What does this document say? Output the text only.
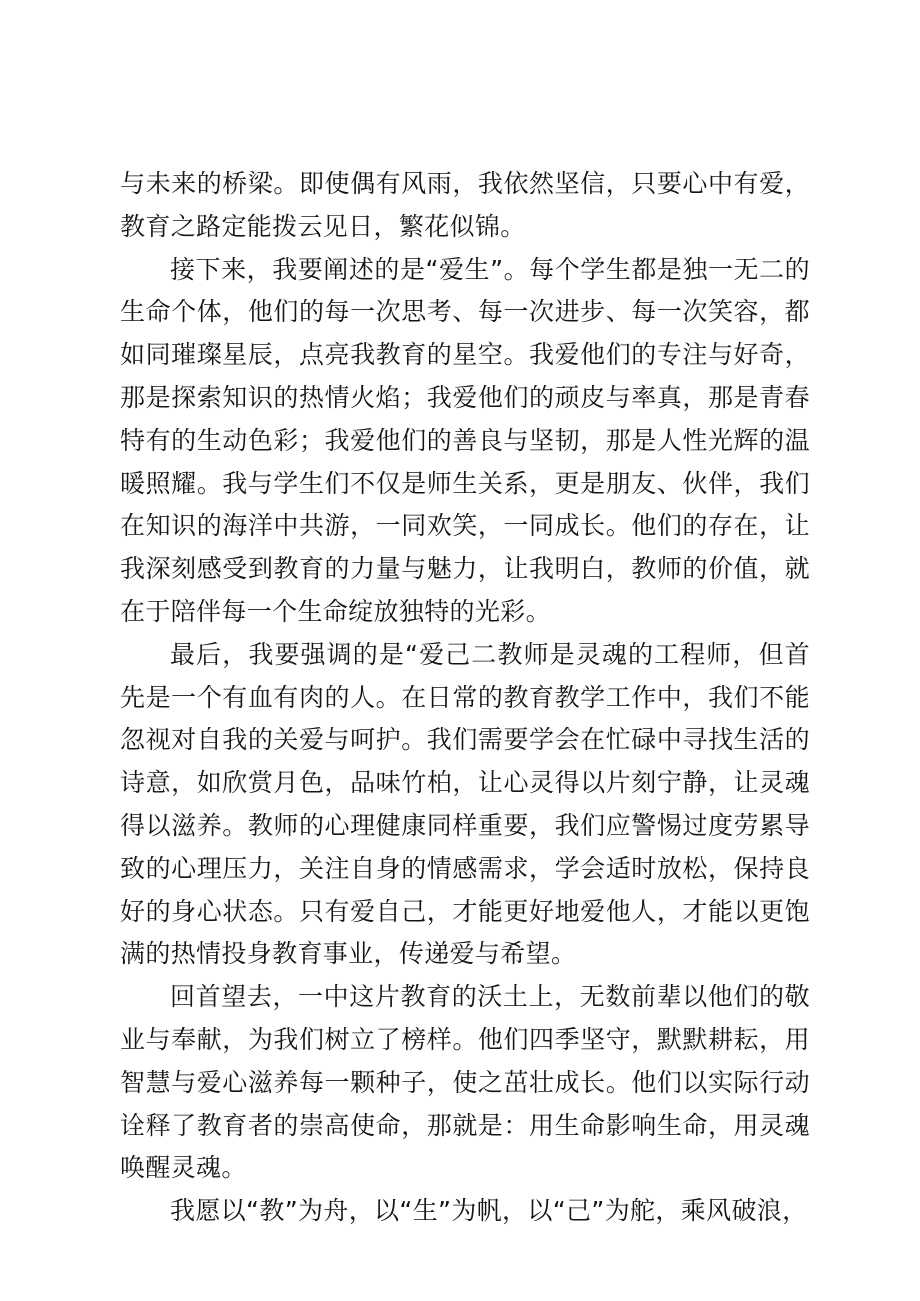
与未来的桥梁。即使偶有风雨，我依然坚信，只要心中有爱，教育之路定能拨云见日，繁花似锦。

接下来，我要阐述的是“爱生”。每个学生都是独一无二的生命个体，他们的每一次思考、每一次进步、每一次笑容，都如同璀璨星辰，点亮我教育的星空。我爱他们的专注与好奇，那是探索知识的热情火焰；我爱他们的顽皮与率真，那是青春特有的生动色彩；我爱他们的善良与坚韧，那是人性光辉的温暖照耀。我与学生们不仅是师生关系，更是朋友、伙伴，我们在知识的海洋中共游，一同欢笑，一同成长。他们的存在，让我深刻感受到教育的力量与魅力，让我明白，教师的价值，就在于陪伴每一个生命绽放独特的光彩。

最后，我要强调的是“爱己二教师是灵魂的工程师，但首先是一个有血有肉的人。在日常的教育教学工作中，我们不能忽视对自我的关爱与呵护。我们需要学会在忙碌中寻找生活的诗意，如欣赏月色，品味竹柏，让心灵得以片刻宁静，让灵魂得以滋养。教师的心理健康同样重要，我们应警惕过度劳累导致的心理压力，关注自身的情感需求，学会适时放松，保持良好的身心状态。只有爱自己，才能更好地爱他人，才能以更饱满的热情投身教育事业，传递爱与希望。

回首望去，一中这片教育的沃土上，无数前辈以他们的敬业与奉献，为我们树立了榜样。他们四季坚守，默默耕耘，用智慧与爱心滋养每一颗种子，使之茁壮成长。他们以实际行动诠释了教育者的崇高使命，那就是：用生命影响生命，用灵魂唤醒灵魂。

我愿以“教”为舟，以“生”为帆，以“己”为舵，乘风破浪，
